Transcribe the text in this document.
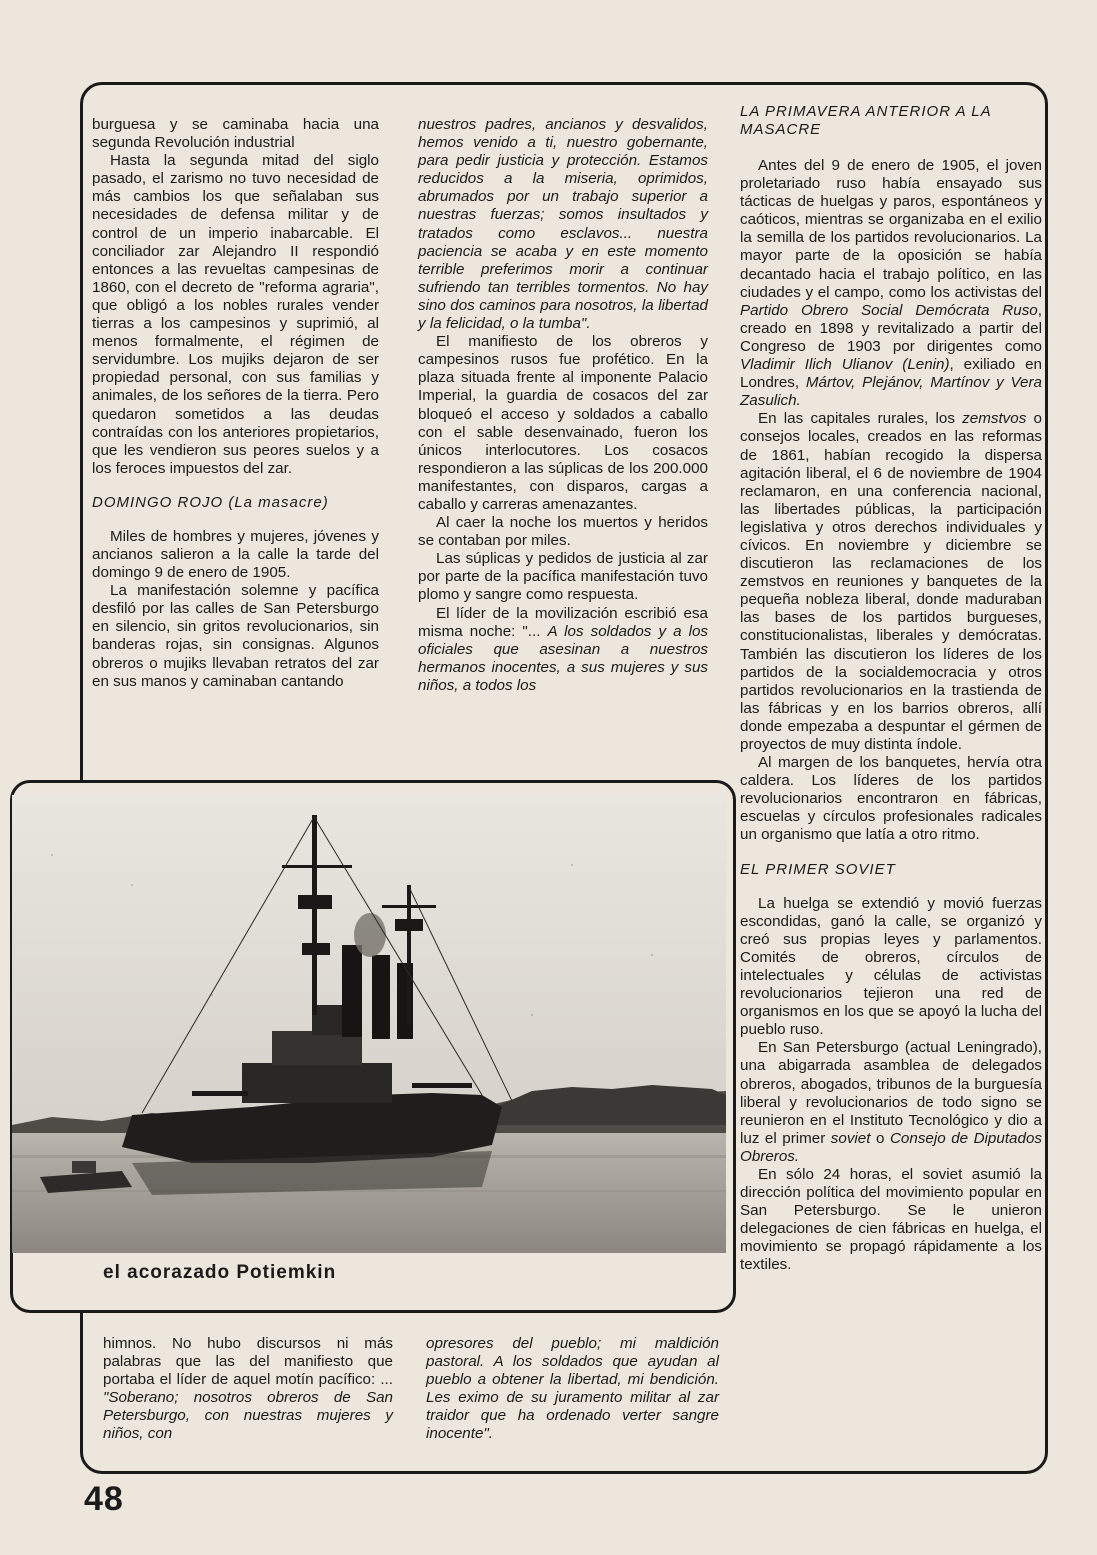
burguesa y se caminaba hacia una segunda Revolución industrial

Hasta la segunda mitad del siglo pasado, el zarismo no tuvo necesidad de más cambios los que señalaban sus necesidades de defensa militar y de control de un imperio inabarcable. El conciliador zar Alejandro II respondió entonces a las revueltas campesinas de 1860, con el decreto de "reforma agraria", que obligó a los nobles rurales vender tierras a los campesinos y suprimió, al menos formalmente, el régimen de servidumbre. Los mujiks dejaron de ser propiedad personal, con sus familias y animales, de los señores de la tierra. Pero quedaron sometidos a las deudas contraídas con los anteriores propietarios, que les vendieron sus peores suelos y a los feroces impuestos del zar.

DOMINGO ROJO (La masacre)

Miles de hombres y mujeres, jóvenes y ancianos salieron a la calle la tarde del domingo 9 de enero de 1905.

La manifestación solemne y pacífica desfiló por las calles de San Petersburgo en silencio, sin gritos revolucionarios, sin banderas rojas, sin consignas. Algunos obreros o mujiks llevaban retratos del zar en sus manos y caminaban cantando

nuestros padres, ancianos y desvalidos, hemos venido a ti, nuestro gobernante, para pedir justicia y protección. Estamos reducidos a la miseria, oprimidos, abrumados por un trabajo superior a nuestras fuerzas; somos insultados y tratados como esclavos... nuestra paciencia se acaba y en este momento terrible preferimos morir a continuar sufriendo tan terribles tormentos. No hay sino dos caminos para nosotros, la libertad y la felicidad, o la tumba".

El manifiesto de los obreros y campesinos rusos fue profético. En la plaza situada frente al imponente Palacio Imperial, la guardia de cosacos del zar bloqueó el acceso y soldados a caballo con el sable desenvainado, fueron los únicos interlocutores. Los cosacos respondieron a las súplicas de los 200.000 manifestantes, con disparos, cargas a caballo y carreras amenazantes.

Al caer la noche los muertos y heridos se contaban por miles.

Las súplicas y pedidos de justicia al zar por parte de la pacífica manifestación tuvo plomo y sangre como respuesta.

El líder de la movilización escribió esa misma noche: "... A los soldados y a los oficiales que asesinan a nuestros hermanos inocentes, a sus mujeres y sus niños, a todos los

LA PRIMAVERA ANTERIOR A LA MASACRE

Antes del 9 de enero de 1905, el joven proletariado ruso había ensayado sus tácticas de huelgas y paros, espontáneos y caóticos, mientras se organizaba en el exilio la semilla de los partidos revolucionarios. La mayor parte de la oposición se había decantado hacia el trabajo político, en las ciudades y el campo, como los activistas del Partido Obrero Social Demócrata Ruso, creado en 1898 y revitalizado a partir del Congreso de 1903 por dirigentes como Vladimir Ilich Ulianov (Lenin), exiliado en Londres, Mártov, Plejánov, Martínov y Vera Zasulich.

En las capitales rurales, los zemstvos o consejos locales, creados en las reformas de 1861, habían recogido la dispersa agitación liberal, el 6 de noviembre de 1904 reclamaron, en una conferencia nacional, las libertades públicas, la participación legislativa y otros derechos individuales y cívicos. En noviembre y diciembre se discutieron las reclamaciones de los zemstvos en reuniones y banquetes de la pequeña nobleza liberal, donde maduraban las bases de los partidos burgueses, constitucionalistas, liberales y demócratas. También las discutieron los líderes de los partidos de la socialdemocracia y otros partidos revolucionarios en la trastienda de las fábricas y en los barrios obreros, allí donde empezaba a despuntar el gérmen de proyectos de muy distinta índole.

Al margen de los banquetes, hervía otra caldera. Los líderes de los partidos revolucionarios encontraron en fábricas, escuelas y círculos profesionales radicales un organismo que latía a otro ritmo.

EL PRIMER SOVIET

La huelga se extendió y movió fuerzas escondidas, ganó la calle, se organizó y creó sus propias leyes y parlamentos. Comités de obreros, círculos de intelectuales y células de activistas revolucionarios tejieron una red de organismos en los que se apoyó la lucha del pueblo ruso.

En San Petersburgo (actual Leningrado), una abigarrada asamblea de delegados obreros, abogados, tribunos de la burguesía liberal y revolucionarios de todo signo se reunieron en el Instituto Tecnológico y dio a luz el primer soviet o Consejo de Diputados Obreros.

En sólo 24 horas, el soviet asumió la dirección política del movimiento popular en San Petersburgo. Se le unieron delegaciones de cien fábricas en huelga, el movimiento se propagó rápidamente a los textiles.

el acorazado Potiemkin

himnos. No hubo discursos ni más palabras que las del manifiesto que portaba el líder de aquel motín pacífico: ... "Soberano; nosotros obreros de San Petersburgo, con nuestras mujeres y niños, con

opresores del pueblo; mi maldición pastoral. A los soldados que ayudan al pueblo a obtener la libertad, mi bendición. Les eximo de su juramento militar al zar traidor que ha ordenado verter sangre inocente".

48
